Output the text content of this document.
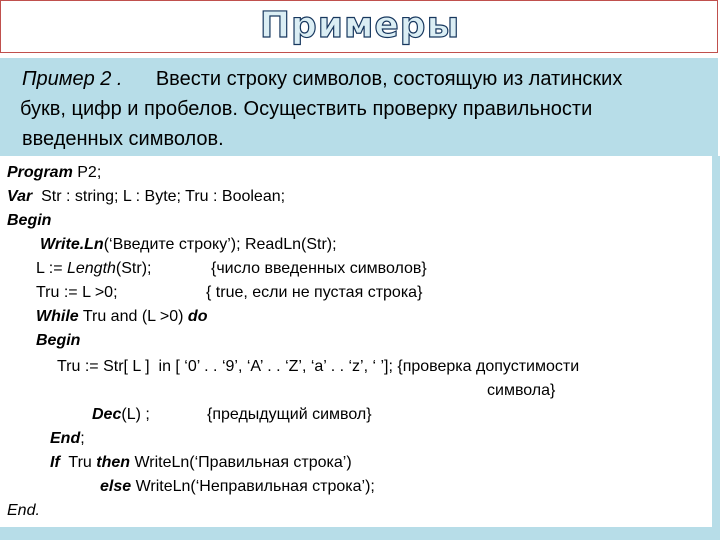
Примеры
Пример 2 . Ввести строку символов, состоящую из латинских
букв, цифр и пробелов. Осуществить проверку правильности
введенных символов.
Program P2;
Var  Str : string; L : Byte; Tru : Boolean;
Begin
Write.Ln(‘Введите строку’); ReadLn(Str);
L := Length(Str);	{число введенных символов}
Tru := L >0;	{ true, если не пустая строка}
While Tru and (L >0) do
Begin
Tru := Str[ L ]  in [ ‘0’ . . ‘9’, ‘A’ . . ‘Z’, ‘a’ . . ‘z’, ‘ ’]; {проверка допустимости
символа}
Dec(L) ;	{предыдущий символ}
End;
If  Tru then WriteLn(‘Правильная строка’)
else WriteLn(‘Неправильная строка’);
End.
